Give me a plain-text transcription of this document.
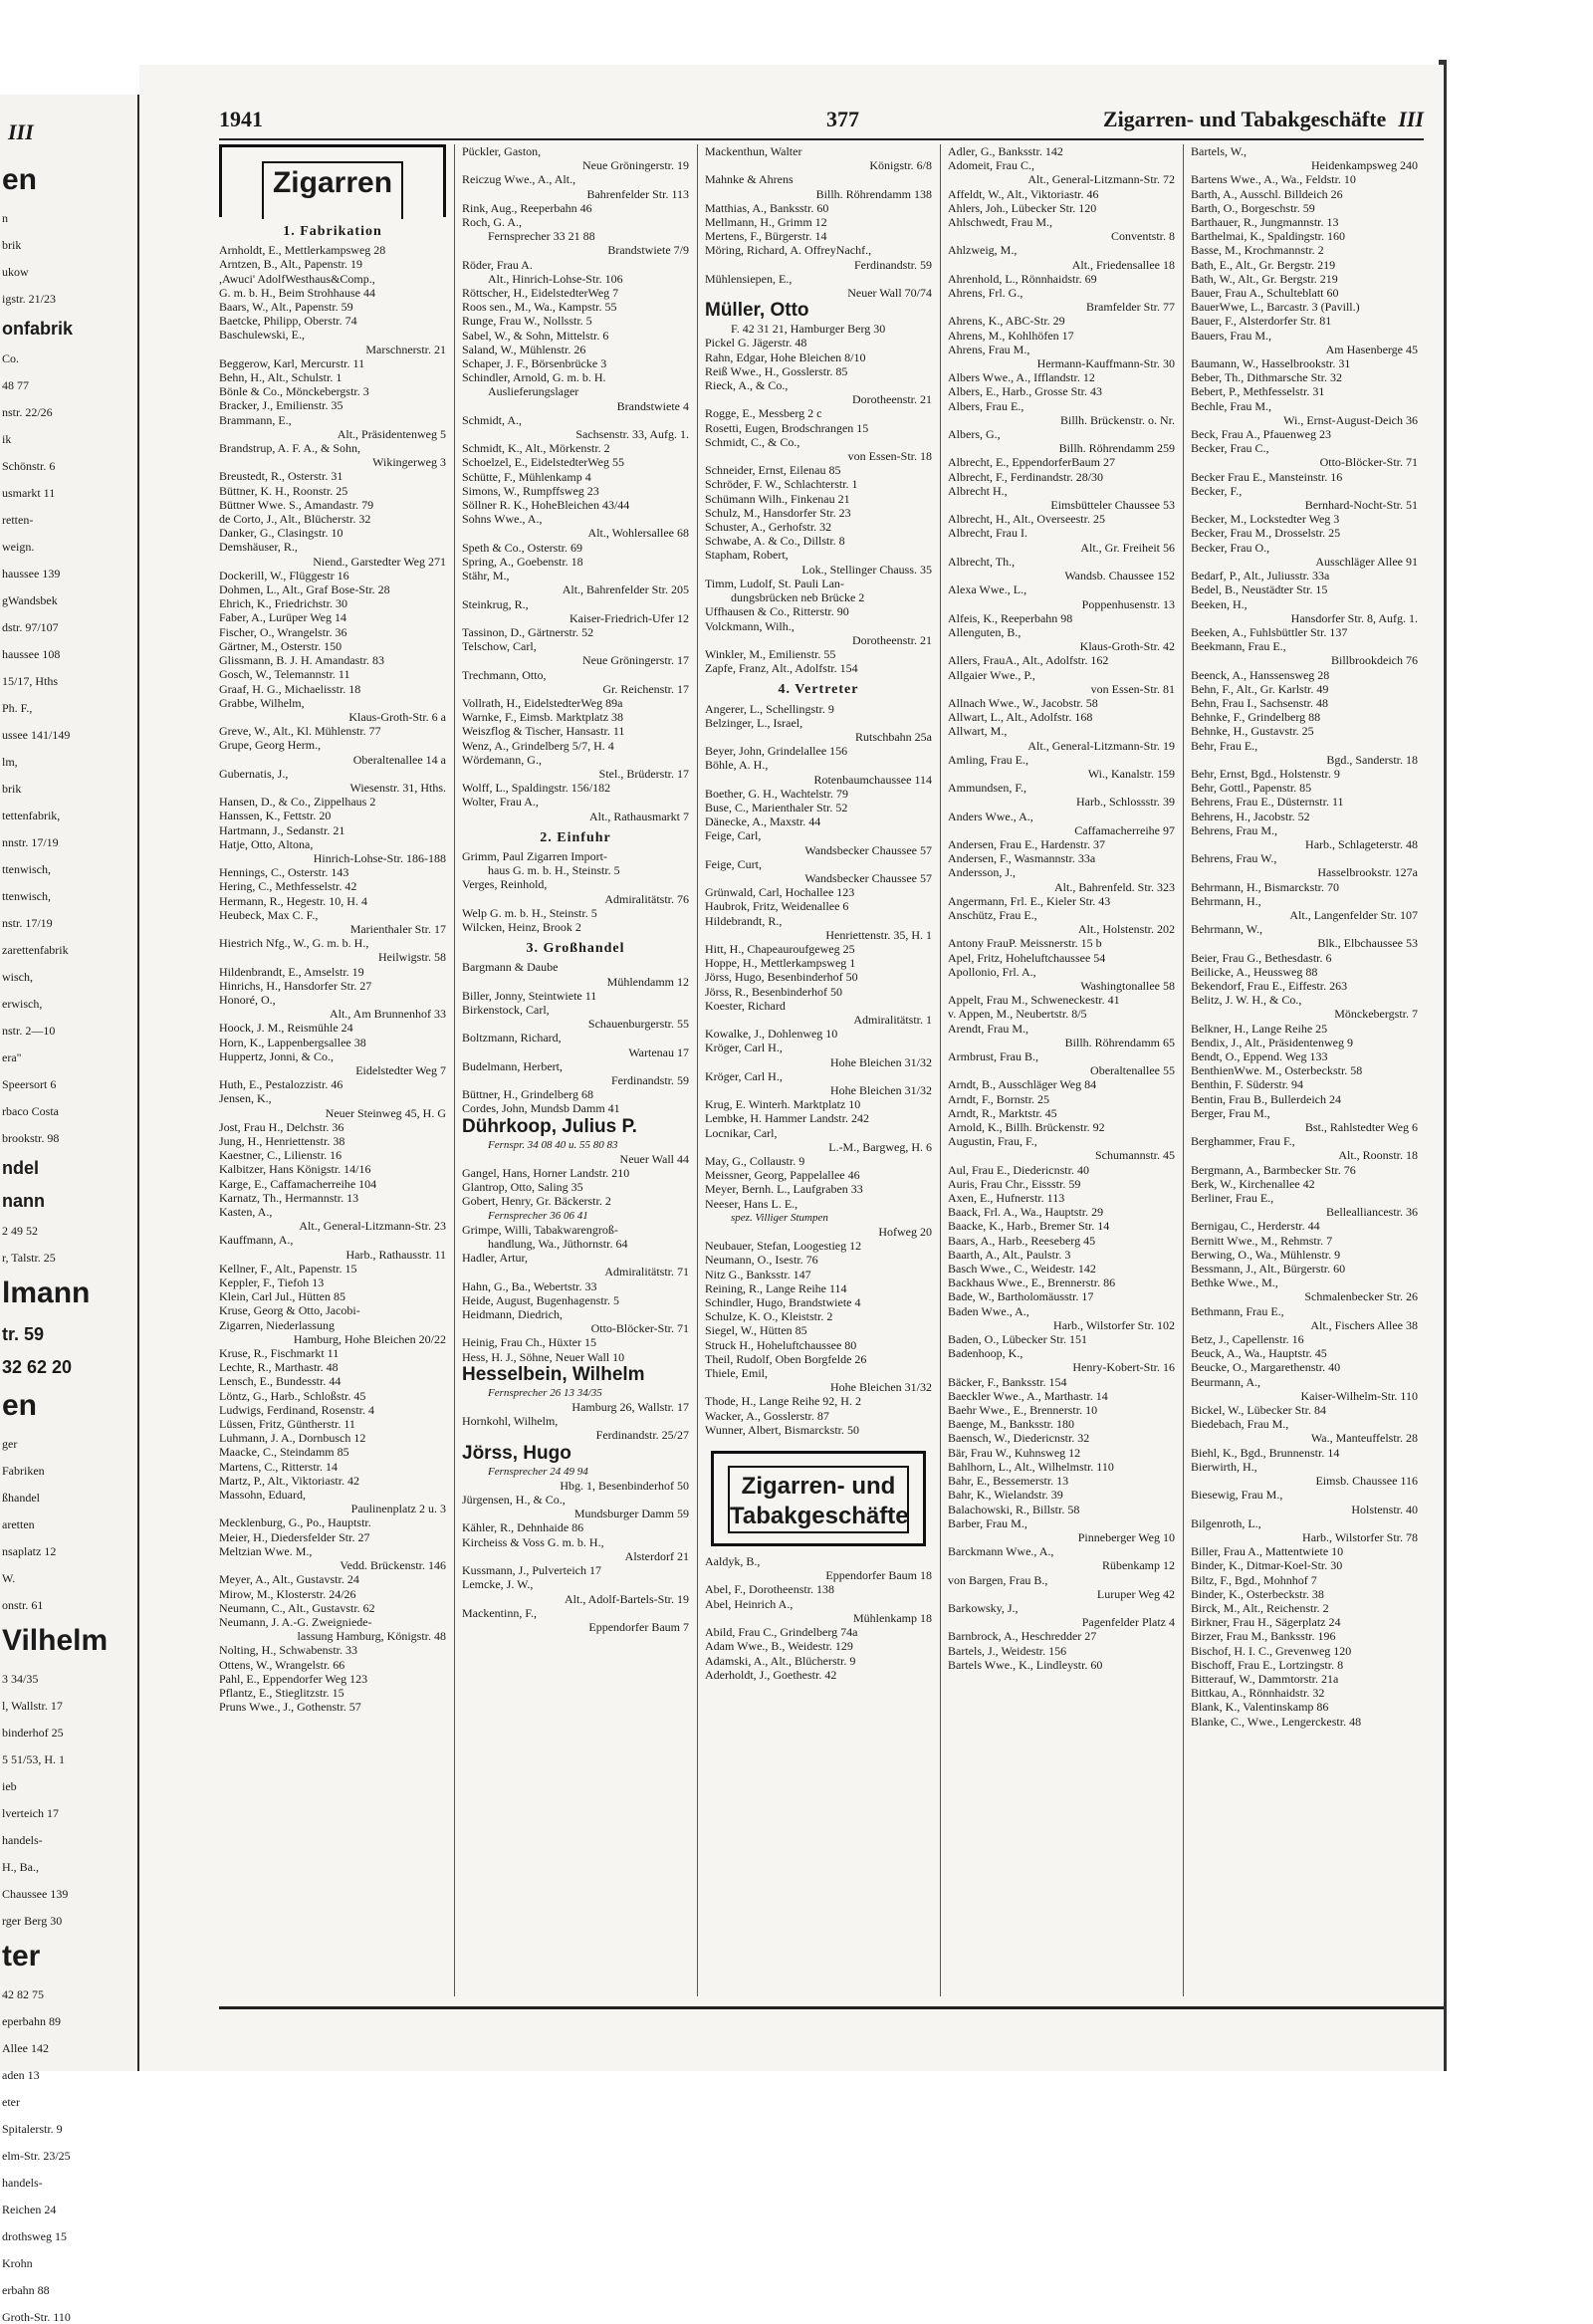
III
en
n
brik
ukow
igstr. 21/23
onfabrik
Co.
48 77
nstr. 22/26
ik
Schönstr. 6
usmarkt 11
retten-
weign.
haussee 139
gWandsbek
dstr. 97/107
haussee 108
15/17, Hths
Ph. F.,
ussee 141/149
lm,
brik
tettenfabrik,
nnstr. 17/19
ttenwisch,
ttenwisch,
nstr. 17/19
zarettenfabrik
wisch,
erwisch,
nstr. 2—10
era"
Speersort 6
rbaco Costa
brookstr. 98
ndel
nann
2 49 52
r, Talstr. 25
lmann
tr. 59
32 62 20
en
ger
Fabriken
ßhandel
aretten
nsaplatz 12
W.
onstr. 61
Vilhelm
3 34/35
l, Wallstr. 17
binderhof 25
5 51/53, H. 1
ieb
lverteich 17
handels-
H., Ba.,
Chaussee 139
rger Berg 30
ter
42 82 75
eperbahn 89
Allee 142
aden 13
eter
Spitalerstr. 9
elm-Str. 23/25
handels-
Reichen 24
drothsweg 15
Krohn
erbahn 88
Groth-Str. 110
1941	377	Zigarren- und Tabakgeschäfte III
Zigarren
1. Fabrikation
Arnholdt, E., Mettlerkampsweg 28
Arntzen, B., Alt., Papenstr. 19
,Awuci' AdolfWesthaus&Comp.,
G. m. b. H., Beim Strohhause 44
Baars, W., Alt., Papenstr. 59
Baetcke, Philipp, Oberstr. 74
Baschulewski, E.,
Marschnerstr. 21
Beggerow, Karl, Mercurstr. 11
Behn, H., Alt., Schulstr. 1
Bönle & Co., Mönckebergstr. 3
Bracker, J., Emilienstr. 35
Brammann, E.,
Alt., Präsidentenweg 5
Brandstrup, A. F. A., & Sohn,
Wikingerweg 3
Breustedt, R., Osterstr. 31
Büttner, K. H., Roonstr. 25
Büttner Wwe. S., Amandastr. 79
de Corto, J., Alt., Blücherstr. 32
Danker, G., Clasingstr. 10
Demshäuser, R.,
Niend., Garstedter Weg 271
Dockerill, W., Flüggestr 16
Dohmen, L., Alt., Graf Bose-Str. 28
Ehrich, K., Friedrichstr. 30
Faber, A., Lurüper Weg 14
Fischer, O., Wrangelstr. 36
Gärtner, M., Osterstr. 150
Glissmann, B. J. H. Amandastr. 83
Gosch, W., Telemannstr. 11
Graaf, H. G., Michaelisstr. 18
Grabbe, Wilhelm,
Klaus-Groth-Str. 6 a
Greve, W., Alt., Kl. Mühlenstr. 77
Grupe, Georg Herm.,
Oberaltenallee 14 a
Gubernatis, J.,
Wiesenstr. 31, Hths.
Hansen, D., & Co., Zippelhaus 2
Hanssen, K., Fettstr. 20
Hartmann, J., Sedanstr. 21
Hatje, Otto, Altona,
Hinrich-Lohse-Str. 186-188
Hennings, C., Osterstr. 143
Hering, C., Methfesselstr. 42
Hermann, R., Hegestr. 10, H. 4
Heubeck, Max C. F.,
Marienthaler Str. 17
Hiestrich Nfg., W., G. m. b. H.,
Heilwigstr. 58
Hildenbrandt, E., Amselstr. 19
Hinrichs, H., Hansdorfer Str. 27
Honoré, O.,
Alt., Am Brunnenhof 33
Hoock, J. M., Reismühle 24
Horn, K., Lappenbergsallee 38
Huppertz, Jonni, & Co.,
Eidelstedter Weg 7
Huth, E., Pestalozzistr. 46
Jensen, K.,
Neuer Steinweg 45, H. G
Jost, Frau H., Delchstr. 36
Jung, H., Henriettenstr. 38
Kaestner, C., Lilienstr. 16
Kalbitzer, Hans Königstr. 14/16
Karge, E., Caffamacherreihe 104
Karnatz, Th., Hermannstr. 13
Kasten, A.,
Alt., General-Litzmann-Str. 23
Kauffmann, A.,
Harb., Rathausstr. 11
Kellner, F., Alt., Papenstr. 15
Keppler, F., Tiefoh 13
Klein, Carl Jul., Hütten 85
Kruse, Georg & Otto, Jacobi-
Zigarren, Niederlassung
Hamburg, Hohe Bleichen 20/22
Kruse, R., Fischmarkt 11
Lechte, R., Marthastr. 48
Lensch, E., Bundesstr. 44
Löntz, G., Harb., Schloßstr. 45
Ludwigs, Ferdinand, Rosenstr. 4
Lüssen, Fritz, Güntherstr. 11
Luhmann, J. A., Dornbusch 12
Maacke, C., Steindamm 85
Martens, C., Ritterstr. 14
Martz, P., Alt., Viktoriastr. 42
Massohn, Eduard,
Paulinenplatz 2 u. 3
Mecklenburg, G., Po., Hauptstr.
Meier, H., Diedersfelder Str. 27
Meltzian Wwe. M.,
Vedd. Brückenstr. 146
Meyer, A., Alt., Gustavstr. 24
Mirow, M., Klosterstr. 24/26
Neumann, C., Alt., Gustavstr. 62
Neumann, J. A.-G. Zweigniede-
lassung Hamburg, Königstr. 48
Nolting, H., Schwabenstr. 33
Ottens, W., Wrangelstr. 66
Pahl, E., Eppendorfer Weg 123
Pflantz, E., Stieglitzstr. 15
Pruns Wwe., J., Gothenstr. 57
Pückler, Gaston,
Neue Gröningerstr. 19
Reiczug Wwe., A., Alt.,
Bahrenfelder Str. 113
Rink, Aug., Reeperbahn 46
Roch, G. A.,
Fernsprecher 33 21 88
Brandstwiete 7/9
Röder, Frau A.
Alt., Hinrich-Lohse-Str. 106
Röttscher, H., EidelstedterWeg 7
Roos sen., M., Wa., Kampstr. 55
Runge, Frau W., Nollsstr. 5
Sabel, W., & Sohn, Mittelstr. 6
Saland, W., Mühlenstr. 26
Schaper, J. F., Börsenbrücke 3
Schindler, Arnold, G. m. b. H.
Auslieferungslager
Brandstwiete 4
Schmidt, A.,
Sachsenstr. 33, Aufg. 1.
Schmidt, K., Alt., Mörkenstr. 2
Schoelzel, E., EidelstedterWeg 55
Schütte, F., Mühlenkamp 4
Simons, W., Rumpffsweg 23
Söllner R. K., HoheBleichen 43/44
Sohns Wwe., A.,
Alt., Wohlersallee 68
Speth & Co., Osterstr. 69
Spring, A., Goebenstr. 18
Stähr, M.,
Alt., Bahrenfelder Str. 205
Steinkrug, R.,
Kaiser-Friedrich-Ufer 12
Tassinon, D., Gärtnerstr. 52
Telschow, Carl,
Neue Gröningerstr. 17
Trechmann, Otto,
Gr. Reichenstr. 17
Vollrath, H., EidelstedterWeg 89a
Warnke, F., Eimsb. Marktplatz 38
Weiszflog & Tischer, Hansastr. 11
Wenz, A., Grindelberg 5/7, H. 4
Wördemann, G.,
Stel., Brüderstr. 17
Wolff, L., Spaldingstr. 156/182
Wolter, Frau A.,
Alt., Rathausmarkt 7
2. Einfuhr
Grimm, Paul Zigarren Import-
haus G. m. b. H., Steinstr. 5
Verges, Reinhold,
Admiralitätstr. 76
Welp G. m. b. H., Steinstr. 5
Wilcken, Heinz, Brook 2
3. Großhandel
Bargmann & Daube
Mühlendamm 12
Biller, Jonny, Steintwiete 11
Birkenstock, Carl,
Schauenburgerstr. 55
Boltzmann, Richard,
Wartenau 17
Budelmann, Herbert,
Ferdinandstr. 59
Büttner, H., Grindelberg 68
Cordes, John, Mundsb Damm 41
Dührkoop, Julius P.
Fernspr. 34 08 40 u. 55 80 83
Neuer Wall 44
Gangel, Hans, Horner Landstr. 210
Glantrop, Otto, Saling 35
Gobert, Henry, Gr. Bäckerstr. 2
Fernsprecher 36 06 41
Grimpe, Willi, Tabakwarengroß-
handlung, Wa., Jüthornstr. 64
Hadler, Artur,
Admiralitätstr. 71
Hahn, G., Ba., Webertstr. 33
Heide, August, Bugenhagenstr. 5
Heidmann, Diedrich,
Otto-Blöcker-Str. 71
Heinig, Frau Ch., Hüxter 15
Hess, H. J., Söhne, Neuer Wall 10
Hesselbein, Wilhelm
Fernsprecher 26 13 34/35
Hamburg 26, Wallstr. 17
Hornkohl, Wilhelm,
Ferdinandstr. 25/27
Jörss, Hugo
Fernsprecher 24 49 94
Hbg. 1, Besenbinderhof 50
Jürgensen, H., & Co.,
Mundsburger Damm 59
Kähler, R., Dehnhaide 86
Kircheiss & Voss G. m. b. H.,
Alsterdorf 21
Kussmann, J., Pulverteich 17
Lemcke, J. W.,
Alt., Adolf-Bartels-Str. 19
Mackentinn, F.,
Eppendorfer Baum 7
Mackenthun, Walter
Königstr. 6/8
Mahnke & Ahrens
Billh. Röhrendamm 138
Matthias, A., Banksstr. 60
Mellmann, H., Grimm 12
Mertens, F., Bürgerstr. 14
Möring, Richard, A. OffreyNachf.,
Ferdinandstr. 59
Mühlensiepen, E.,
Neuer Wall 70/74
Müller, Otto
F. 42 31 21, Hamburger Berg 30
Pickel G. Jägerstr. 48
Rahn, Edgar, Hohe Bleichen 8/10
Reiß Wwe., H., Gosslerstr. 85
Rieck, A., & Co.,
Dorotheenstr. 21
Rogge, E., Messberg 2 c
Rosetti, Eugen, Brodschrangen 15
Schmidt, C., & Co.,
von Essen-Str. 18
Schneider, Ernst, Eilenau 85
Schröder, F. W., Schlachterstr. 1
Schümann Wilh., Finkenau 21
Schulz, M., Hansdorfer Str. 23
Schuster, A., Gerhofstr. 32
Schwabe, A. & Co., Dillstr. 8
Stapham, Robert,
Lok., Stellinger Chauss. 35
Timm, Ludolf, St. Pauli Lan-
dungsbrücken neb Brücke 2
Uffhausen & Co., Ritterstr. 90
Volckmann, Wilh.,
Dorotheenstr. 21
Winkler, M., Emilienstr. 55
Zapfe, Franz, Alt., Adolfstr. 154
4. Vertreter
Angerer, L., Schellingstr. 9
Belzinger, L., Israel,
Rutschbahn 25a
Beyer, John, Grindelallee 156
Böhle, A. H.,
Rotenbaumchaussee 114
Boether, G. H., Wachtelstr. 79
Buse, C., Marienthaler Str. 52
Dänecke, A., Maxstr. 44
Feige, Carl,
Wandsbecker Chaussee 57
Feige, Curt,
Wandsbecker Chaussee 57
Grünwald, Carl, Hochallee 123
Haubrok, Fritz, Weidenallee 6
Hildebrandt, R.,
Henriettenstr. 35, H. 1
Hitt, H., Chapeauroufgeweg 25
Hoppe, H., Mettlerkampsweg 1
Jörss, Hugo, Besenbinderhof 50
Jörss, R., Besenbinderhof 50
Koester, Richard
Admiralitätstr. 1
Kowalke, J., Dohlenweg 10
Kröger, Carl H.,
Hohe Bleichen 31/32
Kröger, Carl H.,
Hohe Bleichen 31/32
Krug, E. Winterh. Marktplatz 10
Lembke, H. Hammer Landstr. 242
Locnikar, Carl,
L.-M., Bargweg, H. 6
May, G., Collaustr. 9
Meissner, Georg, Pappelallee 46
Meyer, Bernh. L., Laufgraben 33
Neeser, Hans L. E.,
spez. Villiger Stumpen
Hofweg 20
Neubauer, Stefan, Loogestieg 12
Neumann, O., Isestr. 76
Nitz G., Banksstr. 147
Reining, R., Lange Reihe 114
Schindler, Hugo, Brandstwiete 4
Schulze, K. O., Kleiststr. 2
Siegel, W., Hütten 85
Struck H., Hoheluftchaussee 80
Theil, Rudolf, Oben Borgfelde 26
Thiele, Emil,
Hohe Bleichen 31/32
Thode, H., Lange Reihe 92, H. 2
Wacker, A., Gosslerstr. 87
Wunner, Albert, Bismarckstr. 50
Zigarren- und Tabakgeschäfte
Aaldyk, B.,
Eppendorfer Baum 18
Abel, F., Dorotheenstr. 138
Abel, Heinrich A.,
Mühlenkamp 18
Abild, Frau C., Grindelberg 74a
Adam Wwe., B., Weidestr. 129
Adamski, A., Alt., Blücherstr. 9
Aderholdt, J., Goethestr. 42
Adler, G., Banksstr. 142
Adomeit, Frau C.,
Alt., General-Litzmann-Str. 72
Affeldt, W., Alt., Viktoriastr. 46
Ahlers, Joh., Lübecker Str. 120
Ahlschwedt, Frau M.,
Conventstr. 8
Ahlzweig, M.,
Alt., Friedensallee 18
Ahrenhold, L., Rönnhaidstr. 69
Ahrens, Frl. G.,
Bramfelder Str. 77
Ahrens, K., ABC-Str. 29
Ahrens, M., Kohlhöfen 17
Ahrens, Frau M.,
Hermann-Kauffmann-Str. 30
Albers Wwe., A., Ifflandstr. 12
Albers, E., Harb., Grosse Str. 43
Albers, Frau E.,
Billh. Brückenstr. o. Nr.
Albers, G.,
Billh. Röhrendamm 259
Albrecht, E., EppendorferBaum 27
Albrecht, F., Ferdinandstr. 28/30
Albrecht H.,
Eimsbütteler Chaussee 53
Albrecht, H., Alt., Overseestr. 25
Albrecht, Frau I.
Alt., Gr. Freiheit 56
Albrecht, Th.,
Wandsb. Chaussee 152
Alexa Wwe., L.,
Poppenhusenstr. 13
Alfeis, K., Reeperbahn 98
Allenguten, B.,
Klaus-Groth-Str. 42
Allers, FrauA., Alt., Adolfstr. 162
Allgaier Wwe., P.,
von Essen-Str. 81
Allnach Wwe., W., Jacobstr. 58
Allwart, L., Alt., Adolfstr. 168
Allwart, M.,
Alt., General-Litzmann-Str. 19
Amling, Frau E.,
Wi., Kanalstr. 159
Ammundsen, F.,
Harb., Schlossstr. 39
Anders Wwe., A.,
Caffamacherreihe 97
Andersen, Frau E., Hardenstr. 37
Andersen, F., Wasmannstr. 33a
Andersson, J.,
Alt., Bahrenfeld. Str. 323
Angermann, Frl. E., Kieler Str. 43
Anschütz, Frau E.,
Alt., Holstenstr. 202
Antony FrauP. Meissnerstr. 15 b
Apel, Fritz, Hoheluftchaussee 54
Apollonio, Frl. A.,
Washingtonallee 58
Appelt, Frau M., Schweneckestr. 41
v. Appen, M., Neubertstr. 8/5
Arendt, Frau M.,
Billh. Röhrendamm 65
Armbrust, Frau B.,
Oberaltenallee 55
Arndt, B., Ausschläger Weg 84
Arndt, F., Bornstr. 25
Arndt, R., Marktstr. 45
Arnold, K., Billh. Brückenstr. 92
Augustin, Frau, F.,
Schumannstr. 45
Aul, Frau E., Diedericnstr. 40
Auris, Frau Chr., Eissstr. 59
Axen, E., Hufnerstr. 113
Baack, Frl. A., Wa., Hauptstr. 29
Baacke, K., Harb., Bremer Str. 14
Baars, A., Harb., Reeseberg 45
Baarth, A., Alt., Paulstr. 3
Basch Wwe., C., Weidestr. 142
Backhaus Wwe., E., Brennerstr. 86
Bade, W., Bartholomäusstr. 17
Baden Wwe., A.,
Harb., Wilstorfer Str. 102
Baden, O., Lübecker Str. 151
Badenhoop, K.,
Henry-Kobert-Str. 16
Bäcker, F., Banksstr. 154
Baeckler Wwe., A., Marthastr. 14
Baehr Wwe., E., Brennerstr. 10
Baenge, M., Banksstr. 180
Baensch, W., Diedericnstr. 32
Bär, Frau W., Kuhnsweg 12
Bahlhorn, L., Alt., Wilhelmstr. 110
Bahr, E., Bessemerstr. 13
Bahr, K., Wielandstr. 39
Balachowski, R., Billstr. 58
Barber, Frau M.,
Pinneberger Weg 10
Barckmann Wwe., A.,
Rübenkamp 12
von Bargen, Frau B.,
Luruper Weg 42
Barkowsky, J.,
Pagenfelder Platz 4
Barnbrock, A., Heschredder 27
Bartels, J., Weidestr. 156
Bartels Wwe., K., Lindleystr. 60
Bartels, W.,
Heidenkampsweg 240
Bartens Wwe., A., Wa., Feldstr. 10
Barth, A., Ausschl. Billdeich 26
Barth, O., Borgeschstr. 59
Barthauer, R., Jungmannstr. 13
Barthelmai, K., Spaldingstr. 160
Basse, M., Krochmannstr. 2
Bath, E., Alt., Gr. Bergstr. 219
Bath, W., Alt., Gr. Bergstr. 219
Bauer, Frau A., Schulteblatt 60
BauerWwe, L., Barcastr. 3 (Pavill.)
Bauer, F., Alsterdorfer Str. 81
Bauers, Frau M.,
Am Hasenberge 45
Baumann, W., Hasselbrookstr. 31
Beber, Th., Dithmarsche Str. 32
Bebert, P., Methfesselstr. 31
Bechle, Frau M.,
Wi., Ernst-August-Deich 36
Beck, Frau A., Pfauenweg 23
Becker, Frau C.,
Otto-Blöcker-Str. 71
Becker Frau E., Mansteinstr. 16
Becker, F.,
Bernhard-Nocht-Str. 51
Becker, M., Lockstedter Weg 3
Becker, Frau M., Drosselstr. 25
Becker, Frau O.,
Ausschläger Allee 91
Bedarf, P., Alt., Juliusstr. 33a
Bedel, B., Neustädter Str. 15
Beeken, H.,
Hansdorfer Str. 8, Aufg. 1.
Beeken, A., Fuhlsbüttler Str. 137
Beekmann, Frau E.,
Billbrookdeich 76
Beenck, A., Hanssensweg 28
Behn, F., Alt., Gr. Karlstr. 49
Behn, Frau I., Sachsenstr. 48
Behnke, F., Grindelberg 88
Behnke, H., Gustavstr. 25
Behr, Frau E.,
Bgd., Sanderstr. 18
Behr, Ernst, Bgd., Holstenstr. 9
Behr, Gottl., Papenstr. 85
Behrens, Frau E., Düsternstr. 11
Behrens, H., Jacobstr. 52
Behrens, Frau M.,
Harb., Schlageterstr. 48
Behrens, Frau W.,
Hasselbrookstr. 127a
Behrmann, H., Bismarckstr. 70
Behrmann, H.,
Alt., Langenfelder Str. 107
Behrmann, W.,
Blk., Elbchaussee 53
Beier, Frau G., Bethesdastr. 6
Beilicke, A., Heussweg 88
Bekendorf, Frau E., Eiffestr. 263
Belitz, J. W. H., & Co.,
Mönckebergstr. 7
Belkner, H., Lange Reihe 25
Bendix, J., Alt., Präsidentenweg 9
Bendt, O., Eppend. Weg 133
BenthienWwe. M., Osterbeckstr. 58
Benthin, F. Süderstr. 94
Bentin, Frau B., Bullerdeich 24
Berger, Frau M.,
Bst., Rahlstedter Weg 6
Berghammer, Frau F.,
Alt., Roonstr. 18
Bergmann, A., Barmbecker Str. 76
Berk, W., Kirchenallee 42
Berliner, Frau E.,
Bellealliancestr. 36
Bernigau, C., Herderstr. 44
Bernitt Wwe., M., Rehmstr. 7
Berwing, O., Wa., Mühlenstr. 9
Bessmann, J., Alt., Bürgerstr. 60
Bethke Wwe., M.,
Schmalenbecker Str. 26
Bethmann, Frau E.,
Alt., Fischers Allee 38
Betz, J., Capellenstr. 16
Beuck, A., Wa., Hauptstr. 45
Beucke, O., Margarethenstr. 40
Beurmann, A.,
Kaiser-Wilhelm-Str. 110
Bickel, W., Lübecker Str. 84
Biedebach, Frau M.,
Wa., Manteuffelstr. 28
Biehl, K., Bgd., Brunnenstr. 14
Bierwirth, H.,
Eimsb. Chaussee 116
Biesewig, Frau M.,
Holstenstr. 40
Bilgenroth, L.,
Harb., Wilstorfer Str. 78
Biller, Frau A., Mattentwiete 10
Binder, K., Ditmar-Koel-Str. 30
Biltz, F., Bgd., Mohnhof 7
Binder, K., Osterbeckstr. 38
Birck, M., Alt., Reichenstr. 2
Birkner, Frau H., Sägerplatz 24
Birzer, Frau M., Banksstr. 196
Bischof, H. I. C., Grevenweg 120
Bischoff, Frau E., Lortzingstr. 8
Bitterauf, W., Dammtorstr. 21a
Bittkau, A., Rönnhaidstr. 32
Blank, K., Valentinskamp 86
Blanke, C., Wwe., Lengerckestr. 48
